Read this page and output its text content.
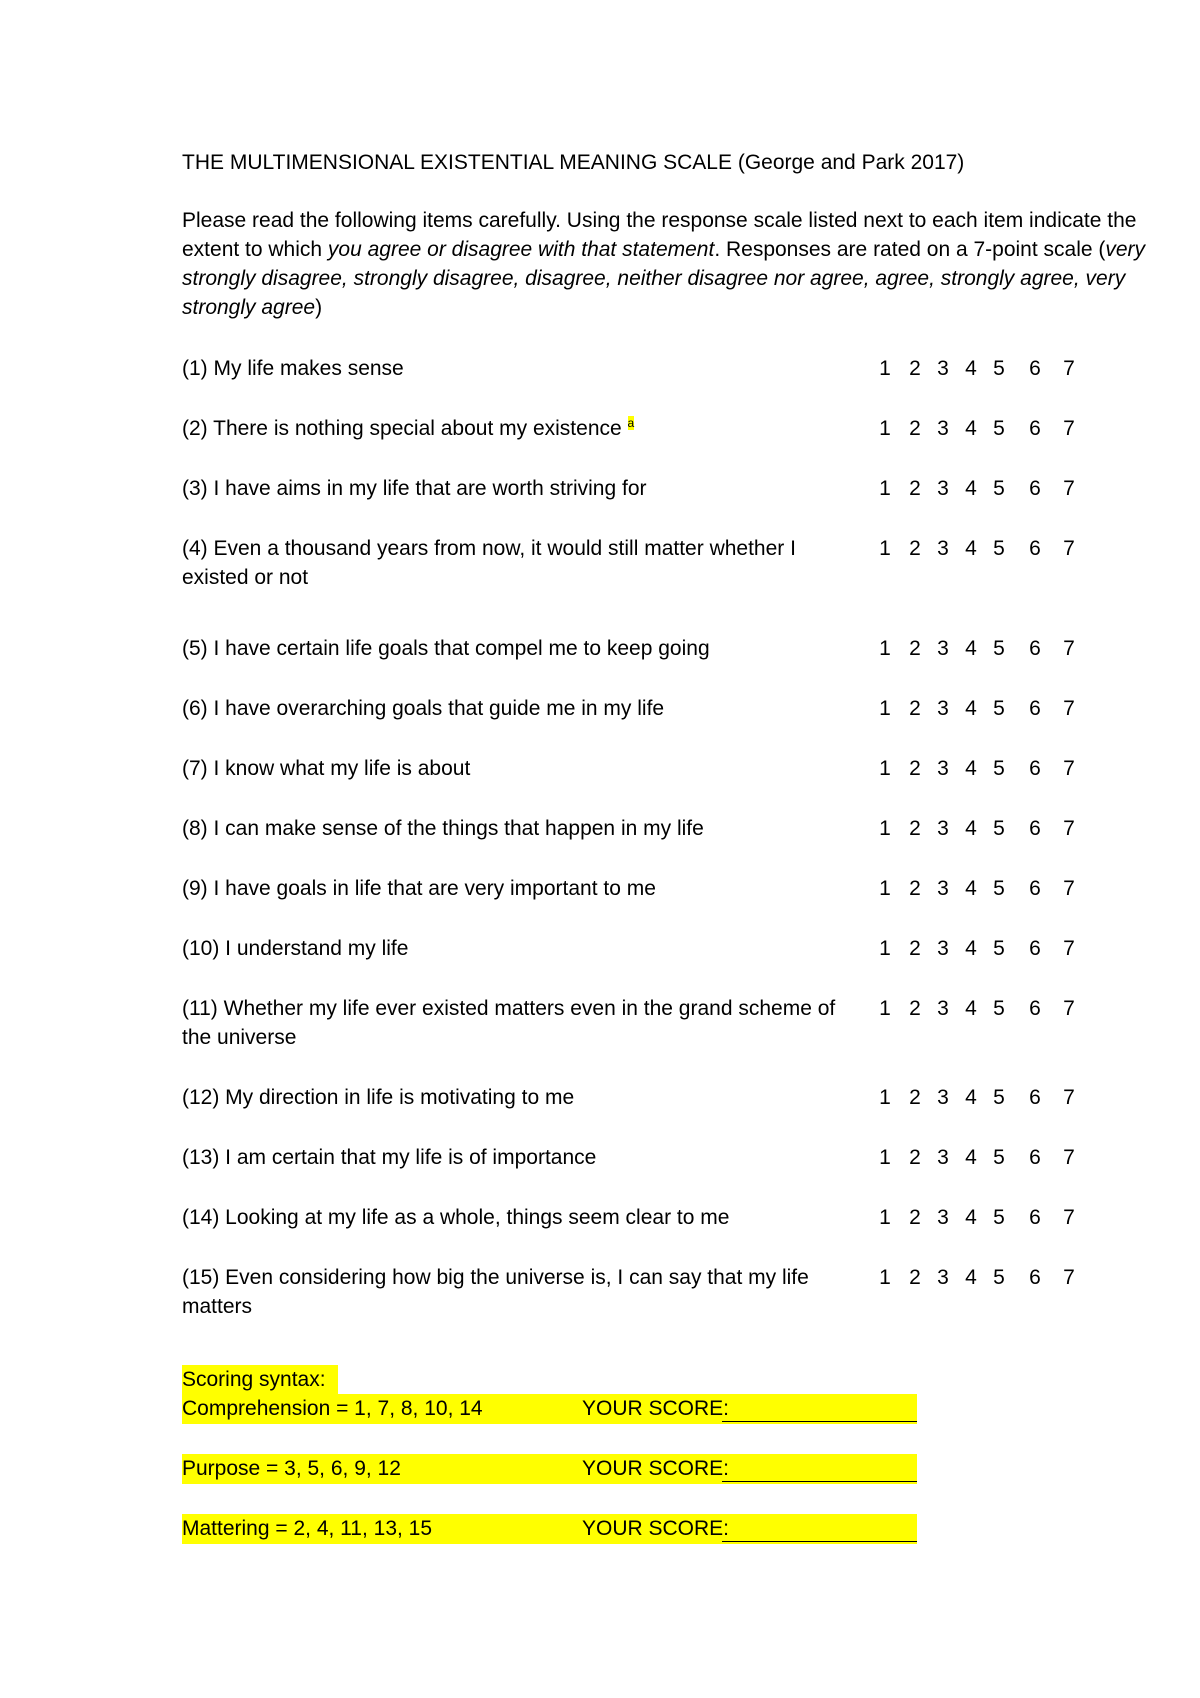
THE MULTIMENSIONAL EXISTENTIAL MEANING SCALE (George and Park 2017)
Please read the following items carefully. Using the response scale listed next to each item indicate the extent to which you agree or disagree with that statement. Responses are rated on a 7-point scale (very strongly disagree, strongly disagree, disagree, neither disagree nor agree, agree, strongly agree, very strongly agree)
(1) My life makes sense	1 2 3 4 5 6 7
(2) There is nothing special about my existence $^a$	1 2 3 4 5 6 7
(3) I have aims in my life that are worth striving for	1 2 3 4 5 6 7
(4) Even a thousand years from now, it would still matter whether I existed or not
1 2 3 4 5 6 7
(5) I have certain life goals that compel me to keep going	1 2 3 4 5 6 7
(6) I have overarching goals that guide me in my life	1 2 3 4 5 6 7
(7) I know what my life is about	1 2 3 4 5 6 7
(8) I can make sense of the things that happen in my life	1 2 3 4 5 6 7
(9) I have goals in life that are very important to me	1 2 3 4 5 6 7
(10) I understand my life	1 2 3 4 5 6 7
(11) Whether my life ever existed matters even in the grand scheme of the universe
1 2 3 4 5 6 7
(12) My direction in life is motivating to me	1 2 3 4 5 6 7
(13) I am certain that my life is of importance	1 2 3 4 5 6 7
(14) Looking at my life as a whole, things seem clear to me	1 2 3 4 5 6 7
(15) Even considering how big the universe is, I can say that my life matters
1 2 3 4 5 6 7
Scoring syntax:
Comprehension = 1, 7, 8, 10, 14	YOUR SCORE:
Purpose = 3, 5, 6, 9, 12	YOUR SCORE:
Mattering = 2, 4, 11, 13, 15	YOUR SCORE:
